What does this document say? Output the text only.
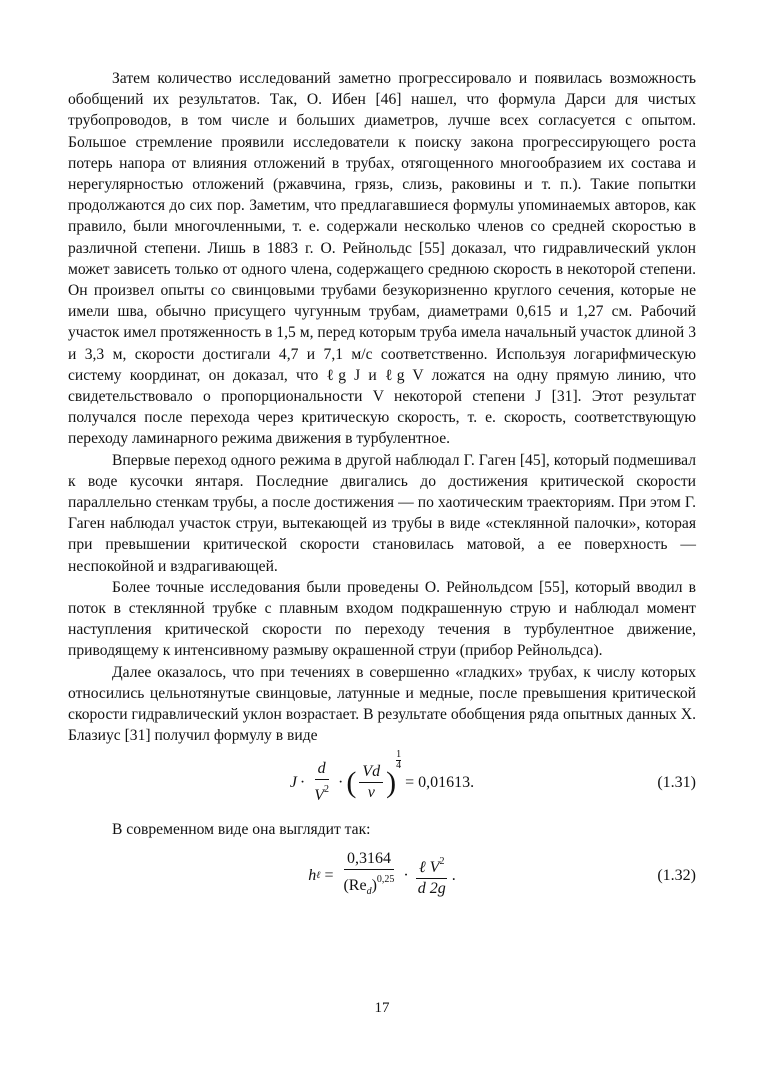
Затем количество исследований заметно прогрессировало и появилась возможность обобщений их результатов. Так, О. Ибен [46] нашел, что формула Дарси для чистых трубопроводов, в том числе и больших диаметров, лучше всех согласуется с опытом. Большое стремление проявили исследователи к поиску закона прогрессирующего роста потерь напора от влияния отложений в трубах, отягощенного многообразием их состава и нерегулярностью отложений (ржавчина, грязь, слизь, раковины и т. п.). Такие попытки продолжаются до сих пор. Заметим, что предлагавшиеся формулы упоминаемых авторов, как правило, были многочленными, т. е. содержали несколько членов со средней скоростью в различной степени. Лишь в 1883 г. О. Рейнольдс [55] доказал, что гидравлический уклон может зависеть только от одного члена, содержащего среднюю скорость в некоторой степени. Он произвел опыты со свинцовыми трубами безукоризненно круглого сечения, которые не имели шва, обычно присущего чугунным трубам, диаметрами 0,615 и 1,27 см. Рабочий участок имел протяженность в 1,5 м, перед которым труба имела начальный участок длиной 3 и 3,3 м, скорости достигали 4,7 и 7,1 м/с соответственно. Используя логарифмическую систему координат, он доказал, что ℓg J и ℓg V ложатся на одну прямую линию, что свидетельствовало о пропорциональности V некоторой степени J [31]. Этот результат получался после перехода через критическую скорость, т. е. скорость, соответствующую переходу ламинарного режима движения в турбулентное.

Впервые переход одного режима в другой наблюдал Г. Гаген [45], который подмешивал к воде кусочки янтаря. Последние двигались до достижения критической скорости параллельно стенкам трубы, а после достижения — по хаотическим траекториям. При этом Г. Гаген наблюдал участок струи, вытекающей из трубы в виде «стеклянной палочки», которая при превышении критической скорости становилась матовой, а ее поверхность — неспокойной и вздрагивающей.

Более точные исследования были проведены О. Рейнольдсом [55], который вводил в поток в стеклянной трубке с плавным входом подкрашенную струю и наблюдал момент наступления критической скорости по переходу течения в турбулентное движение, приводящему к интенсивному размыву окрашенной струи (прибор Рейнольдса).

Далее оказалось, что при течениях в совершенно «гладких» трубах, к числу которых относились цельнотянутые свинцовые, латунные и медные, после превышения критической скорости гидравлический уклон возрастает. В результате обобщения ряда опытных данных Х. Блазиус [31] получил формулу в виде

$J \cdot \frac{d}{V^2}$ · ( $\frac{Vd}{\nu}$ )
$\frac{1}{4}$
= 0,01613.	(1.31)

В современном виде она выглядит так:

h ℓ = $\frac{0,3164}{(Re_d)^{0,25}} \cdot \frac{\ell V^2}{d 2g}$ .	(1.32)
17
